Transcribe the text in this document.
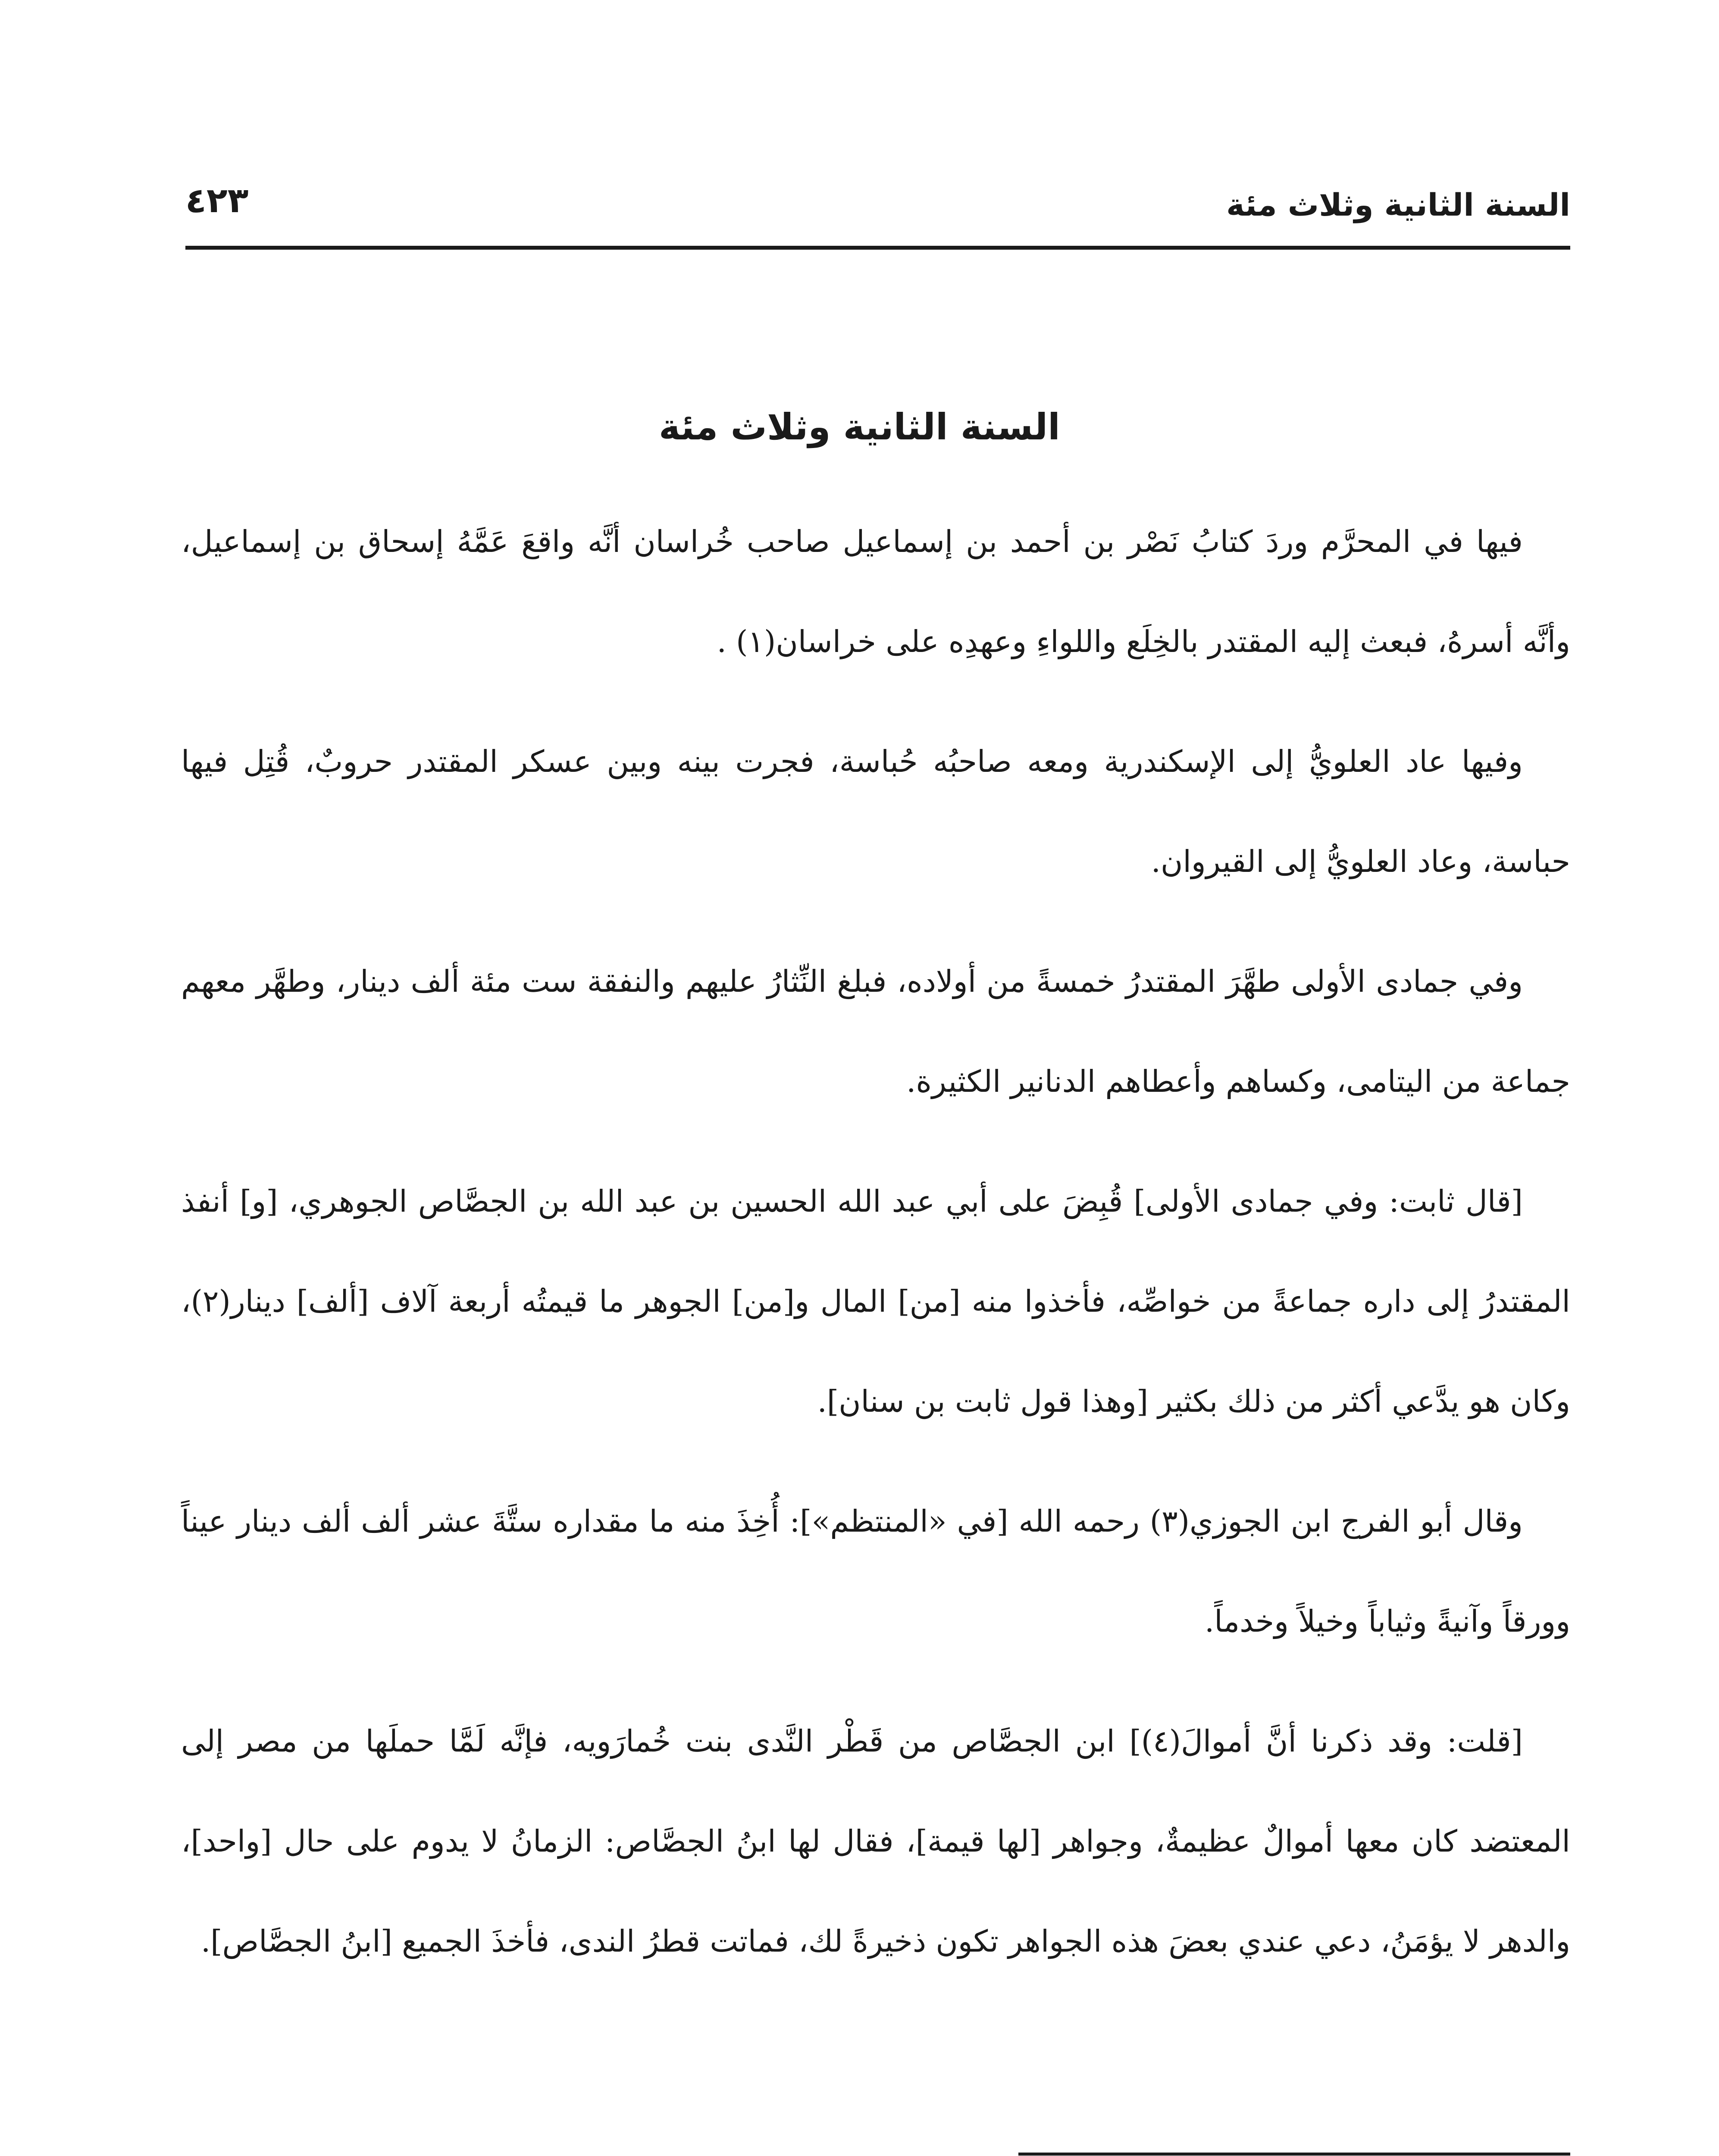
السنة الثانية وثلاث مئة
٤٢٣
السنة الثانية وثلاث مئة

فيها في المحرَّم وردَ كتابُ نَصْر بن أحمد بن إسماعيل صاحب خُراسان أنَّه واقعَ عَمَّهُ إسحاق بن إسماعيل، وأنَّه أسرهُ، فبعث إليه المقتدر بالخِلَع واللواءِ وعهدِه على خراسان(١) .

وفيها عاد العلويُّ إلى الإسكندرية ومعه صاحبُه حُباسة، فجرت بينه وبين عسكر المقتدر حروبٌ، قُتِل فيها حباسة، وعاد العلويُّ إلى القيروان.

وفي جمادى الأولى طهَّرَ المقتدرُ خمسةً من أولاده، فبلغ النِّثارُ عليهم والنفقة ست مئة ألف دينار، وطهَّر معهم جماعة من اليتامى، وكساهم وأعطاهم الدنانير الكثيرة.

[قال ثابت: وفي جمادى الأولى] قُبِضَ على أبي عبد الله الحسين بن عبد الله بن الجصَّاص الجوهري، [و] أنفذ المقتدرُ إلى داره جماعةً من خواصِّه، فأخذوا منه [من] المال و[من] الجوهر ما قيمتُه أربعة آلاف [ألف] دينار(٢)، وكان هو يدَّعي أكثر من ذلك بكثير [وهذا قول ثابت بن سنان].

وقال أبو الفرج ابن الجوزي(٣) رحمه الله [في «المنتظم»]: أُخِذَ منه ما مقداره ستَّةَ عشر ألف ألف دينار عيناً وورقاً وآنيةً وثياباً وخيلاً وخدماً.

[قلت: وقد ذكرنا أنَّ أموالَ(٤)] ابن الجصَّاص من قَطْر النَّدى بنت خُمارَويه، فإنَّه لَمَّا حملَها من مصر إلى المعتضد كان معها أموالٌ عظيمةٌ، وجواهر [لها قيمة]، فقال لها ابنُ الجصَّاص: الزمانُ لا يدوم على حال [واحد]، والدهر لا يؤمَنُ، دعي عندي بعضَ هذه الجواهر تكون ذخيرةً لك، فماتت قطرُ الندى، فأخذَ الجميع [ابنُ الجصَّاص].
